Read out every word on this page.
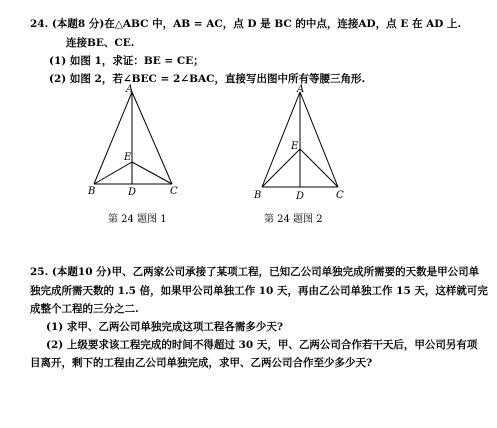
24. (本题8 分)在△ABC 中，AB = AC，点 D 是 BC 的中点，连接AD，点 E 在 AD 上.
连接BE、CE.
(1) 如图 1，求证：BE = CE；
(2) 如图 2，若∠BEC = 2∠BAC，直接写出图中所有等腰三角形.
A
E
B	D	C
第 24 题图 1
A
E
B	D	C
第 24 题图 2
25. (本题10 分)甲、乙两家公司承接了某项工程，已知乙公司单独完成所需要的天数是甲公司单
独完成所需天数的 1.5 倍，如果甲公司单独工作 10 天，再由乙公司单独工作 15 天，这样就可完
成整个工程的三分之二.
(1) 求甲、乙两公司单独完成这项工程各需多少天?
(2) 上级要求该工程完成的时间不得超过 30 天，甲、乙两公司合作若干天后，甲公司另有项
目离开，剩下的工程由乙公司单独完成，求甲、乙两公司合作至少多少天?
